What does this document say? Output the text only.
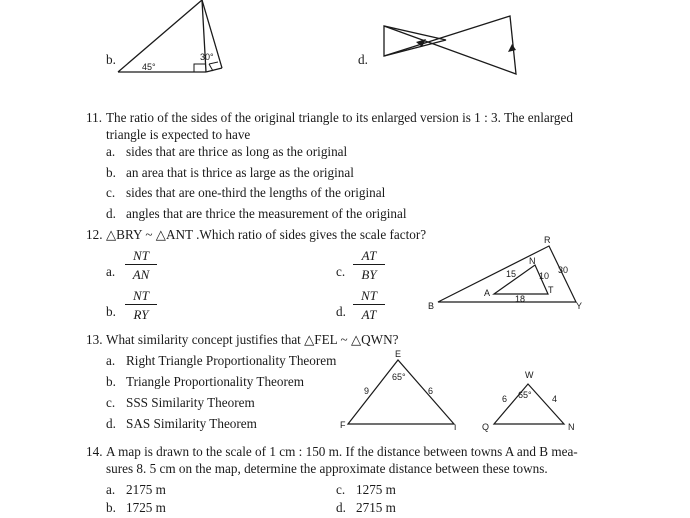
b.	30°
45°	d.
11. The ratio of the sides of the original triangle to its enlarged version is 1 : 3. The enlarged
triangle is expected to have
a. sides that are thrice as long as the original
b. an area that is thrice as large as the original
c. sides that are one-third the lengths of the original
d. angles that are thrice the measurement of the original
12. △BRY ~ △ANT .Which ratio of sides gives the scale factor?
a.
NT
AN
b.
NT
RY
c.
AT
BY
d.
NT
AT
R
B	Y
N
A	T
15	10
18
30
13. What similarity concept justifies that △FEL ~ △QWN?
a. Right Triangle Proportionality Theorem
b. Triangle Proportionality Theorem
c. SSS Similarity Theorem
d. SAS Similarity Theorem
E
F	L
9	6
65°	W
Q	N
6	4
65°
14. A map is drawn to the scale of 1 cm : 150 m. If the distance between towns A and B mea-
sures 8. 5 cm on the map, determine the approximate distance between these towns.
a. 2175 m
b. 1725 m
c. 1275 m
d. 2715 m
